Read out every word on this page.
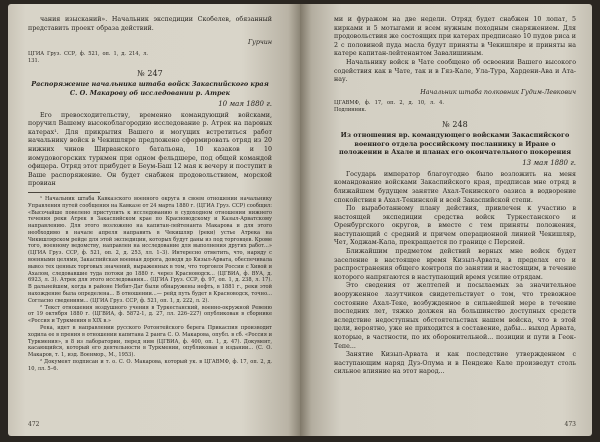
чания изысканий». Начальник экспедиции Скобелев, обязанный представить проект образа действий.

Гурчин

ЦГИА Груз. ССР, ф. 521, оп. 1, д. 214, л. 131.

№ 247

Распоряжение начальника штаба войск Закаспийского края С. О. Макарову об исследовании р. Атрек

10 мая 1880 г.

Его превосходительству, временно командующий войсками, поручил Вашему высокоблагородию исследование р. Атрек на паровых катерах¹. Для прикрытия Вашего и могущих встретиться работ начальнику войск в Чекишляре предложено сформировать отряд из 20 нижних чинов Ширванского батальона, 10 казаков и 10 иомудовогорских туркмен при одном фельдшере, под общей командой офицера. Отряд этот прибудет в Беум-Баш 12 мая к вечеру и поступит в Ваше распоряжение. Он будет снабжен продовольствием, морской провиан

¹ Начальник штаба Кавказского военного округа в своем отношении начальнику Управления путей сообщения на Кавказе от 24 марта 1880 г. (ЦГИА Груз. ССР) сообщил: «Высочайше повелено приступить к исследованию в судоходном отношении нижнего течения реки Атрек в Закаспийском крае по Красноводскому и Казыл-Арватскому направлению. Для этого возложено на капитан-лейтенанта Макарова и для этого необходимо в начале апреля направить в Чекишляр (реки) устье Атрека на Чикишлярском рейде для этой экспедиции, которых будут даны из под торговцев. Кроме того, военному ведомству, направлен на исследование для выполнения других работ...» (ЦГИА Груз. ССР, ф. 521, оп. 2, д. 253, лл. 1–3). Интересно отметить, что, наряду с военными целями, Закаспийская военная дорога, доводя до Кизыл-Арвата, обеспечивала вывоз тех ценных торговых значений, выраженных в том, что торговля России с Хивой и Ахалом, следовавшие туда потоки до 1880 г. через Красноводск... (ЦГВИА, ф. ВУА, д. 6923, л. 3). Атрек для этого исследования... (ЦГИА Груз. ССР, ф. 97, оп. 1, д. 238, л. 17). В дальнейшем, когда в районе Небит-Даг были обнаружены нефть, в 1881 г., реки этой нахождение была определена... В отношении...— рейд путь будет в Красноводск, точно... Согласно сведениям... (ЦГИА Груз. ССР, ф. 521, оп. 1, д. 222, л. 2).

² Текст отношения воздушного учения в Туркестанский, военно-окружной Ревеню от 19 октября 1880 г. (ЦГВИА, ф. 5872-1, д. 27, лл. 226–227) опубликован в сборнике «Россия и Туркмения в XIX в.»

Река, идет в направлении русского Ротонтейского берега Прикаспия производит ходила ее в прения в отношении капитана 2 ранга С. О. Макарова, опубл. в сб. «Россия и Туркмения», в 8 из лаборатории, перед ним (ЦГВИА, ф. 400, оп. 1, д. 47). Документ, касающийся, который его деятельности в Туркмении, опубликован в издании... (С. О. Макаров, т. 1, изд. Военмор., М., 1953).

² Документ подписан и т. о. С. О. Макарова, который ук. в ЦГАВМФ, ф. 17, оп. 2, д. 10, лл. 5–6.

472

ми и фуражом на две недели. Отряд будет снабжен 10 лопат, 5 кирками и 5 мотыгами и всем нужным походным снаряжением. Для продовольствия же состоящих при катерах предписано 10 пудов риса и 2 с половиной пуда масла будут приняты в Чекишляре и приняты на катере капитан-лейтенантом Завалишиным.

Начальнику войск в Чате сообщено об освоении Вашего высокого содействия как в Чате, так и в Гяз-Кале, Ула-Тура, Хардени-Ава и Ата-нау.

Начальник штаба полковник Гудим-Левкович

ЦГАВМФ, ф. 17, оп. 2, д. 10, л. 4. Подлинник.

№ 248

Из отношения вр. командующего войсками Закаспийского военного отдела российскому посланнику в Иране о положении в Ахале и планах его окончательного покорения

13 мая 1880 г.

Государь император благоугодно было возложить на меня командование войсками Закаспийского края, предписав мне отряд в ближайшем будущем занятие Ахал-Текинского оазиса в водворение спокойствия в Ахал-Текинской и всей Закаспийской степи.

По выработанному плану действия, привлечен к участию в настоящей экспедиции средства войск Туркестанского и Оренбургского округов, в вместе с тем приняты положения, наступающий с средний и причем операционной линией Чекишляр, Чет, Ходжам-Кала, прекращается по границе с Персией.

Ближайшим предметом действий верных мне войск будет заселение в настоящее время Кизыл-Арвата, в пределах его и распространения общего контроля по занятии и настоящим, в течение которого напрягаются в наступающий время усилие отрядам.

Это сведения от желтелей и посылаемых за значительное вооруженное лазутчиков свидетельствует о том, что тревожное состояние Ахал-Теке, возбужденное в сильнейшей мере в течение последних лет, тяжко должен на большинство доступных средств вследствие недоступных обстоятельствах нашем войска, что в этой цели, вероятно, уже не приходится в составение, дабы... выход Арвата, которые, в частности, по их оборонительной... позиции и пути в Геок-Тепе...

Занятие Кизыл-Арвата и как последствие утвержденном с наступающим наряд Дуз-Олума и в Пендеже Кале произведут столь сильное влияние на этот народ...

473
